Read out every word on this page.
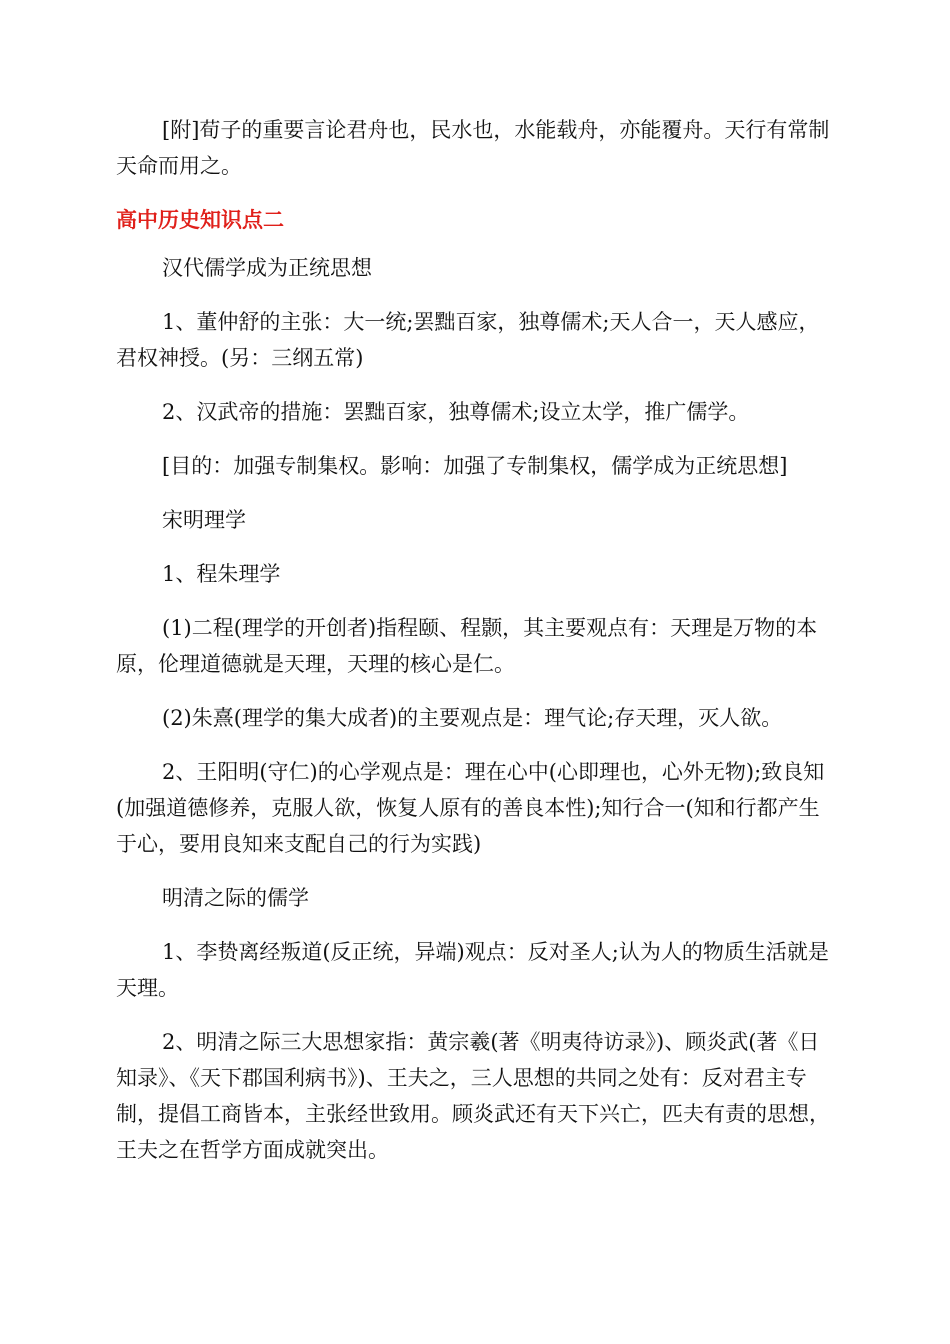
[附]荀子的重要言论君舟也，民水也，水能载舟，亦能覆舟。天行有常制天命而用之。

高中历史知识点二

汉代儒学成为正统思想

1、董仲舒的主张：大一统;罢黜百家，独尊儒术;天人合一，天人感应，君权神授。(另：三纲五常)

2、汉武帝的措施：罢黜百家，独尊儒术;设立太学，推广儒学。

[目的：加强专制集权。影响：加强了专制集权，儒学成为正统思想]

宋明理学

1、程朱理学

(1)二程(理学的开创者)指程颐、程颢，其主要观点有：天理是万物的本原，伦理道德就是天理，天理的核心是仁。

(2)朱熹(理学的集大成者)的主要观点是：理气论;存天理，灭人欲。

2、王阳明(守仁)的心学观点是：理在心中(心即理也，心外无物);致良知(加强道德修养，克服人欲，恢复人原有的善良本性);知行合一(知和行都产生于心，要用良知来支配自己的行为实践)

明清之际的儒学

1、李贽离经叛道(反正统，异端)观点：反对圣人;认为人的物质生活就是天理。

2、明清之际三大思想家指：黄宗羲(著《明夷待访录》)、顾炎武(著《日知录》、《天下郡国利病书》)、王夫之，三人思想的共同之处有：反对君主专制，提倡工商皆本，主张经世致用。顾炎武还有天下兴亡，匹夫有责的思想，王夫之在哲学方面成就突出。
